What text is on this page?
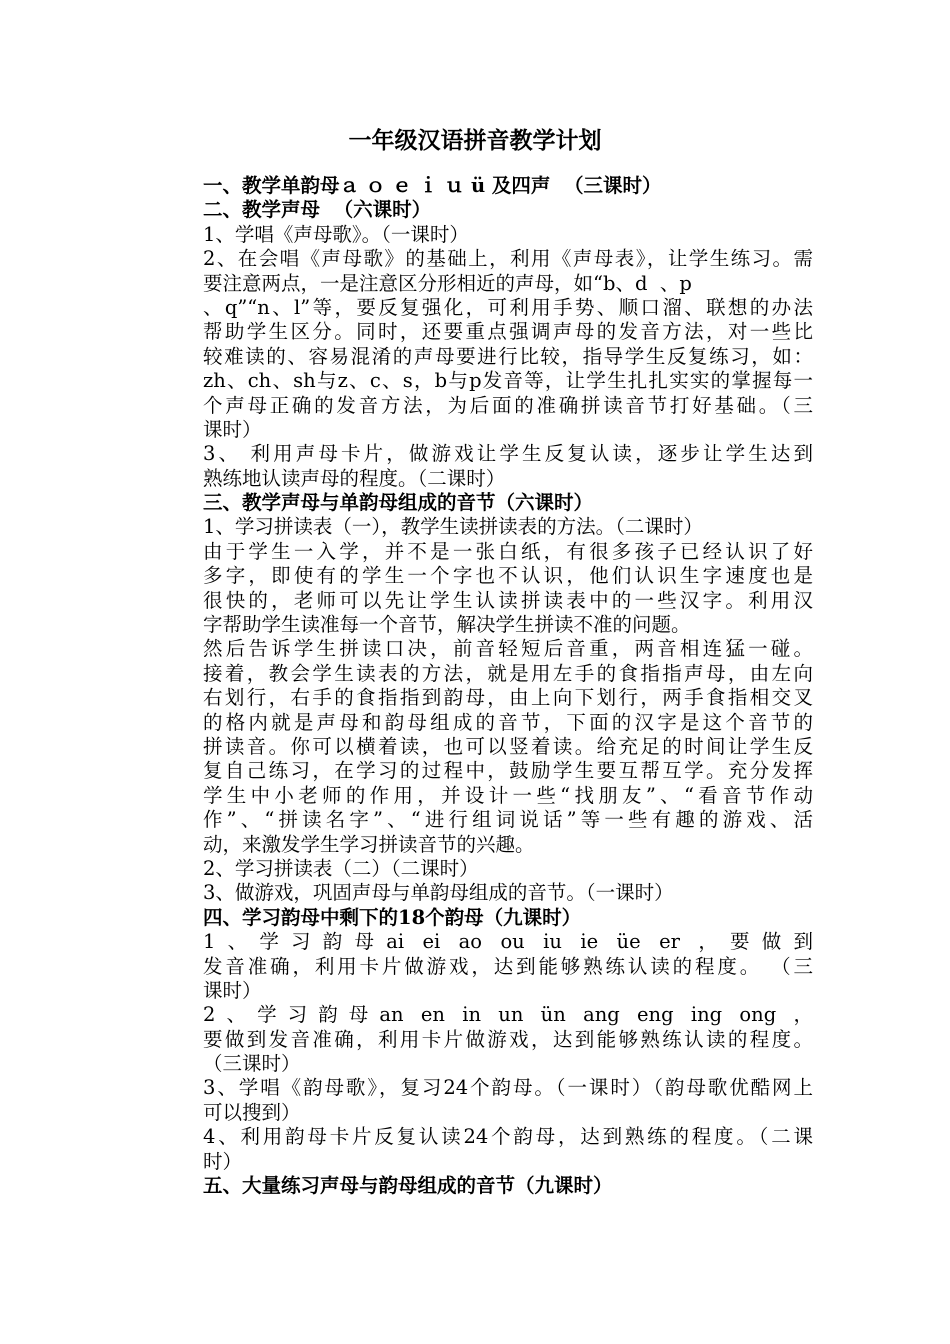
一年级汉语拼音教学计划
一、教学单韵母ａ ｏ ｅ ｉ ｕ ü 及四声  （三课时）
二、教学声母  （六课时）
1、学唱《声母歌》。（一课时）
2、在会唱《声母歌》的基础上，利用《声母表》，让学生练习。需
要注意两点，一是注意区分形相近的声母，如“b、d  、p
、q”“n、l”等，要反复强化，可利用手势、顺口溜、联想的办法
帮助学生区分。同时，还要重点强调声母的发音方法，对一些比
较难读的、容易混淆的声母要进行比较，指导学生反复练习，如：
zh、ch、sh与z、c、s，b与p发音等，让学生扎扎实实的掌握每一
个声母正确的发音方法，为后面的准确拼读音节打好基础。（三
课时）
3、 利用声母卡片，做游戏让学生反复认读，逐步让学生达到
熟练地认读声母的程度。（二课时）
三、教学声母与单韵母组成的音节（六课时）
1、学习拼读表（一），教学生读拼读表的方法。（二课时）
由于学生一入学，并不是一张白纸，有很多孩子已经认识了好
多字，即使有的学生一个字也不认识，他们认识生字速度也是
很快的，老师可以先让学生认读拼读表中的一些汉字。利用汉
字帮助学生读准每一个音节，解决学生拼读不准的问题。
然后告诉学生拼读口决，前音轻短后音重，两音相连猛一碰。
接着，教会学生读表的方法，就是用左手的食指指声母，由左向
右划行，右手的食指指到韵母，由上向下划行，两手食指相交叉
的格内就是声母和韵母组成的音节，下面的汉字是这个音节的
拼读音。你可以横着读，也可以竖着读。给充足的时间让学生反
复自己练习，在学习的过程中，鼓励学生要互帮互学。充分发挥
学生中小老师的作用，并设计一些“找朋友”、“看音节作动
作”、“拼读名字”、“进行组词说话”等一些有趣的游戏、活
动，来激发学生学习拼读音节的兴趣。
2、学习拼读表（二）（二课时）
3、做游戏，巩固声母与单韵母组成的音节。（一课时）
四、学习韵母中剩下的18个韵母（九课时）
1、学习韵母ai ei ao ou iu ie üe er ，要做到
发音准确，利用卡片做游戏，达到能够熟练认读的程度。 （三
课时）
2、学习韵母an en in un ün ang eng ing ong ，
要做到发音准确，利用卡片做游戏，达到能够熟练认读的程度。
（三课时）
3、学唱《韵母歌》，复习24个韵母。（一课时）（韵母歌优酷网上
可以搜到）
4、利用韵母卡片反复认读24个韵母，达到熟练的程度。（二课
时）
五、大量练习声母与韵母组成的音节（九课时）
